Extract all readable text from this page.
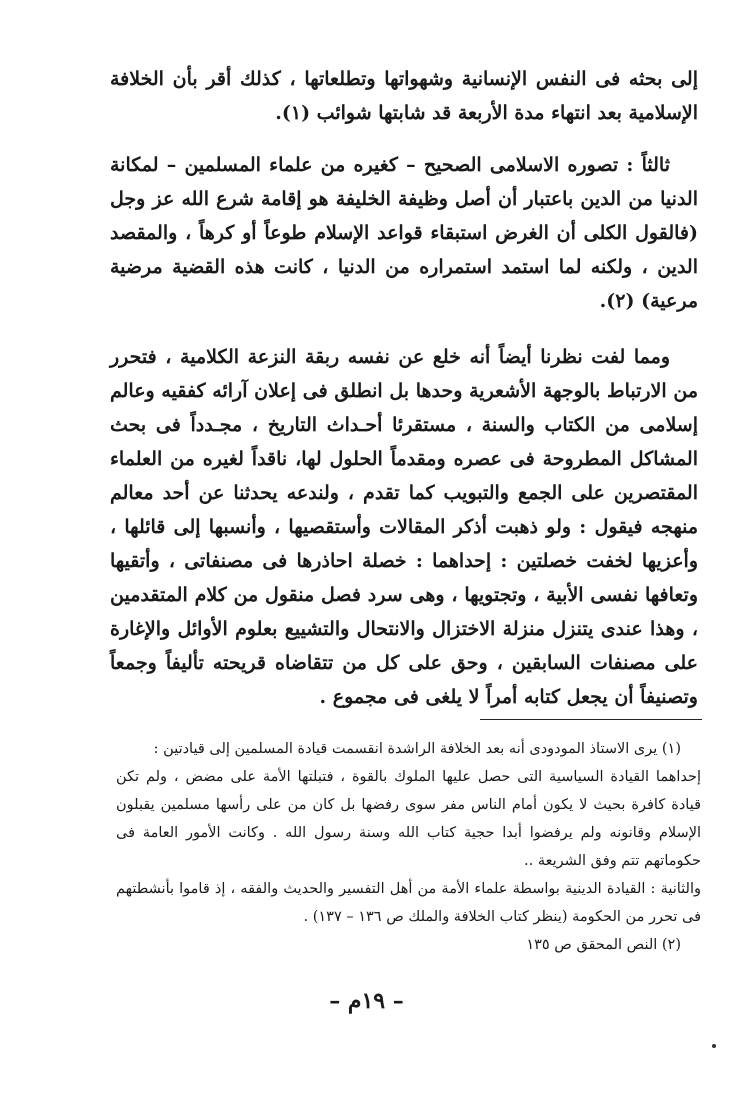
إلى بحثه فى النفس الإنسانية وشهواتها وتطلعاتها ، كذلك أقر بأن الخلافة الإسلامية بعد انتهاء مدة الأربعة قد شابتها شوائب (١).

ثالثاً : تصوره الاسلامى الصحيح – كغيره من علماء المسلمين – لمكانة الدنيا من الدين باعتبار أن أصل وظيفة الخليفة هو إقامة شرع الله عز وجل (فالقول الكلى أن الغرض استبقاء قواعد الإسلام طوعاً أو كرهاً ، والمقصد الدين ، ولكنه لما استمد استمراره من الدنيا ، كانت هذه القضية مرضية مرعية) (٢).

ومما لفت نظرنا أيضاً أنه خلع عن نفسه ربقة النزعة الكلامية ، فتحرر من الارتباط بالوجهة الأشعرية وحدها بل انطلق فى إعلان آرائه كفقيه وعالم إسلامى من الكتاب والسنة ، مستقرئا أحـداث التاريخ ، مجـدداً فى بحث المشاكل المطروحة فى عصره ومقدماً الحلول لها، ناقداً لغيره من العلماء المقتصرين على الجمع والتبويب كما تقدم ، ولندعه يحدثنا عن أحد معالم منهجه فيقول : ولو ذهبت أذكر المقالات وأستقصيها ، وأنسبها إلى قائلها ، وأعزيها لخفت خصلتين : إحداهما : خصلة احاذرها فى مصنفاتى ، وأتقيها وتعافها نفسى الأبية ، وتجتويها ، وهى سرد فصل منقول من كلام المتقدمين ، وهذا عندى يتنزل منزلة الاختزال والانتحال والتشييع بعلوم الأوائل والإغارة على مصنفات السابقين ، وحق على كل من تتقاضاه قريحته تأليفاً وجمعاً وتصنيفاً أن يجعل كتابه أمراً لا يلغى فى مجموع .

(١) يرى الاستاذ المودودى أنه بعد الخلافة الراشدة انقسمت قيادة المسلمين إلى قيادتين :

إحداهما القيادة السياسية التى حصل عليها الملوك بالقوة ، فتبلتها الأمة على مضض ، ولم تكن قيادة كافرة بحيث لا يكون أمام الناس مفر سوى رفضها بل كان من على رأسها مسلمين يقبلون الإسلام وقانونه ولم يرفضوا أبدا حجية كتاب الله وسنة رسول الله . وكانت الأمور العامة فى حكوماتهم تتم وفق الشريعة ..

والثانية : القيادة الدينية بواسطة علماء الأمة من أهل التفسير والحديث والفقه ، إذ قاموا بأنشطتهم فى تحرر من الحكومة (ينظر كتاب الخلافة والملك ص ١٣٦ – ١٣٧) .

(٢) النص المحقق ص ١٣٥

– ١٩م –
